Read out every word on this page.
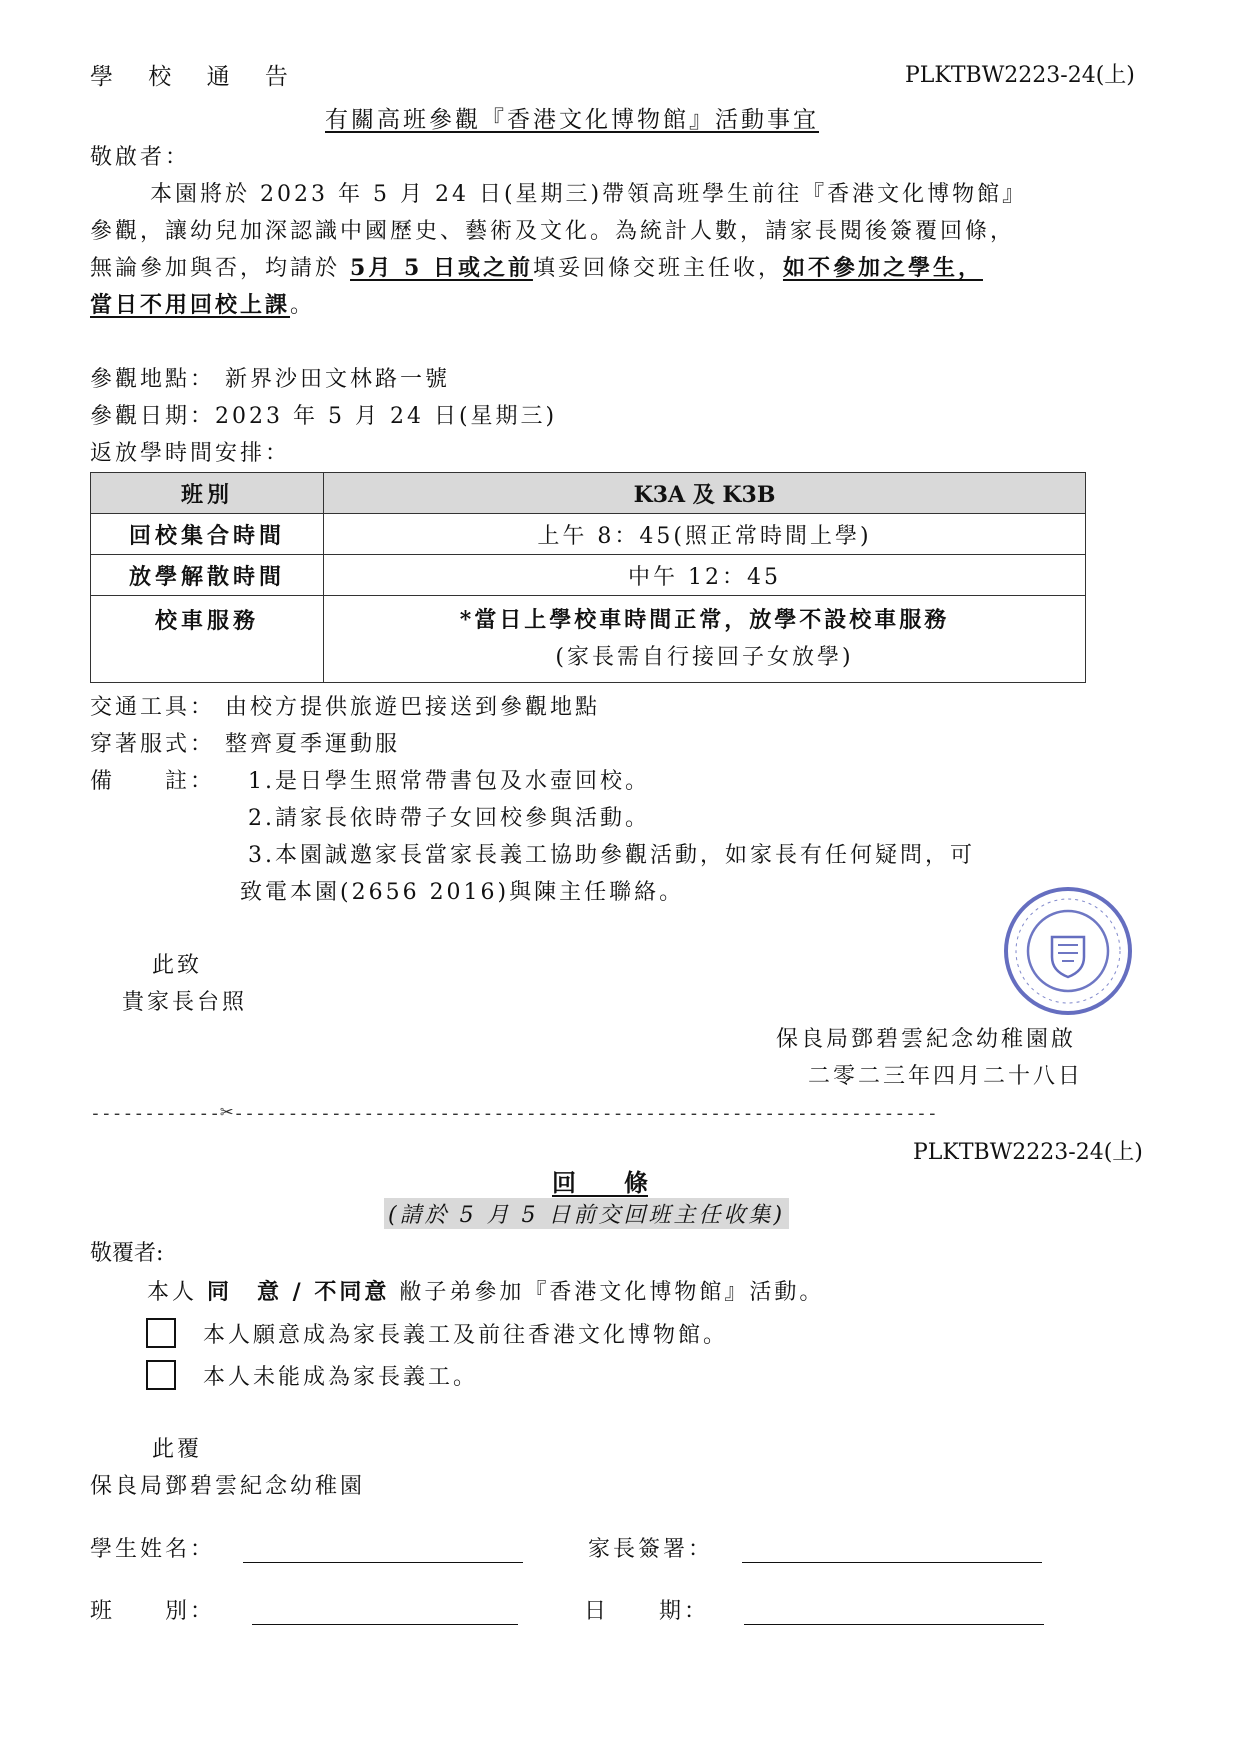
學 校 通 告	PLKTBW2223-24(上)
有關高班參觀『香港文化博物館』活動事宜
敬啟者：
本園將於 2023 年 5 月 24 日(星期三)帶領高班學生前往『香港文化博物館』
參觀，讓幼兒加深認識中國歷史、藝術及文化。為統計人數，請家長閱後簽覆回條，
無論參加與否，均請於 5月 5 日或之前填妥回條交班主任收，如不參加之學生，
當日不用回校上課。
參觀地點： 新界沙田文林路一號
參觀日期：2023 年 5 月 24 日(星期三)
返放學時間安排：
班別	K3A 及 K3B
回校集合時間	上午 8：45(照正常時間上學)
放學解散時間	中午 12：45
校車服務	*當日上學校車時間正常，放學不設校車服務
(家長需自行接回子女放學)
交通工具： 由校方提供旅遊巴接送到參觀地點
穿著服式： 整齊夏季運動服
備　　註： 1.是日學生照常帶書包及水壺回校。
2.請家長依時帶子女回校參與活動。
3.本園誠邀家長當家長義工協助參觀活動，如家長有任何疑問，可
致電本園(2656 2016)與陳主任聯絡。
此致
貴家長台照
保良局鄧碧雲紀念幼稚園啟
二零二三年四月二十八日
------------✂-----------------------------------------------------------------
PLKTBW2223-24(上)
回　　條
(請於 5 月 5 日前交回班主任收集)
敬覆者:
本人 同　意 / 不同意 敝子弟參加『香港文化博物館』活動。
本人願意成為家長義工及前往香港文化博物館。
本人未能成為家長義工。
此覆
保良局鄧碧雲紀念幼稚園
學生姓名：	家長簽署：
班　　別：	日　　期：
